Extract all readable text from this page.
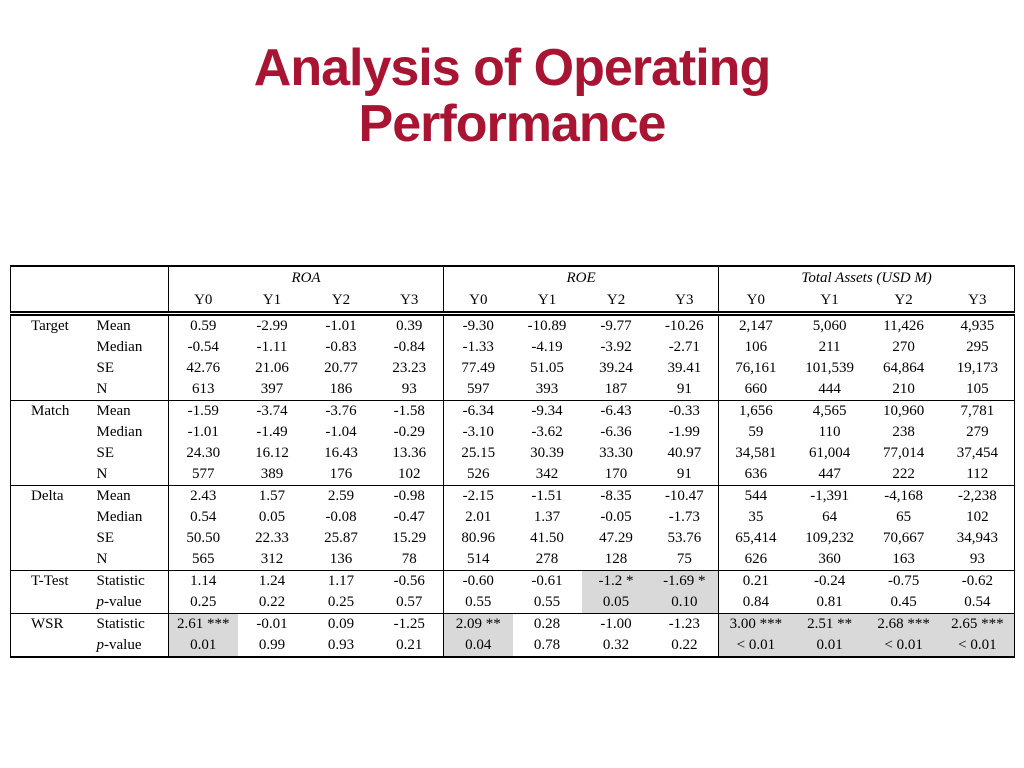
Analysis of Operating
Performance
		ROA				ROE				Total Assets (USD M)			
		Y0	Y1	Y2	Y3	Y0	Y1	Y2	Y3	Y0	Y1	Y2	Y3
Target	Mean	0.59	-2.99	-1.01	0.39	-9.30	-10.89	-9.77	-10.26	2,147	5,060	11,426	4,935
	Median	-0.54	-1.11	-0.83	-0.84	-1.33	-4.19	-3.92	-2.71	106	211	270	295
	SE	42.76	21.06	20.77	23.23	77.49	51.05	39.24	39.41	76,161	101,539	64,864	19,173
	N	613	397	186	93	597	393	187	91	660	444	210	105
Match	Mean	-1.59	-3.74	-3.76	-1.58	-6.34	-9.34	-6.43	-0.33	1,656	4,565	10,960	7,781
	Median	-1.01	-1.49	-1.04	-0.29	-3.10	-3.62	-6.36	-1.99	59	110	238	279
	SE	24.30	16.12	16.43	13.36	25.15	30.39	33.30	40.97	34,581	61,004	77,014	37,454
	N	577	389	176	102	526	342	170	91	636	447	222	112
Delta	Mean	2.43	1.57	2.59	-0.98	-2.15	-1.51	-8.35	-10.47	544	-1,391	-4,168	-2,238
	Median	0.54	0.05	-0.08	-0.47	2.01	1.37	-0.05	-1.73	35	64	65	102
	SE	50.50	22.33	25.87	15.29	80.96	41.50	47.29	53.76	65,414	109,232	70,667	34,943
	N	565	312	136	78	514	278	128	75	626	360	163	93
T-Test	Statistic	1.14	1.24	1.17	-0.56	-0.60	-0.61	-1.2 *	-1.69 *	0.21	-0.24	-0.75	-0.62
	p-value	0.25	0.22	0.25	0.57	0.55	0.55	0.05	0.10	0.84	0.81	0.45	0.54
WSR	Statistic	2.61 ***	-0.01	0.09	-1.25	2.09 **	0.28	-1.00	-1.23	3.00 ***	2.51 **	2.68 ***	2.65 ***
	p-value	0.01	0.99	0.93	0.21	0.04	0.78	0.32	0.22	< 0.01	0.01	< 0.01	< 0.01
